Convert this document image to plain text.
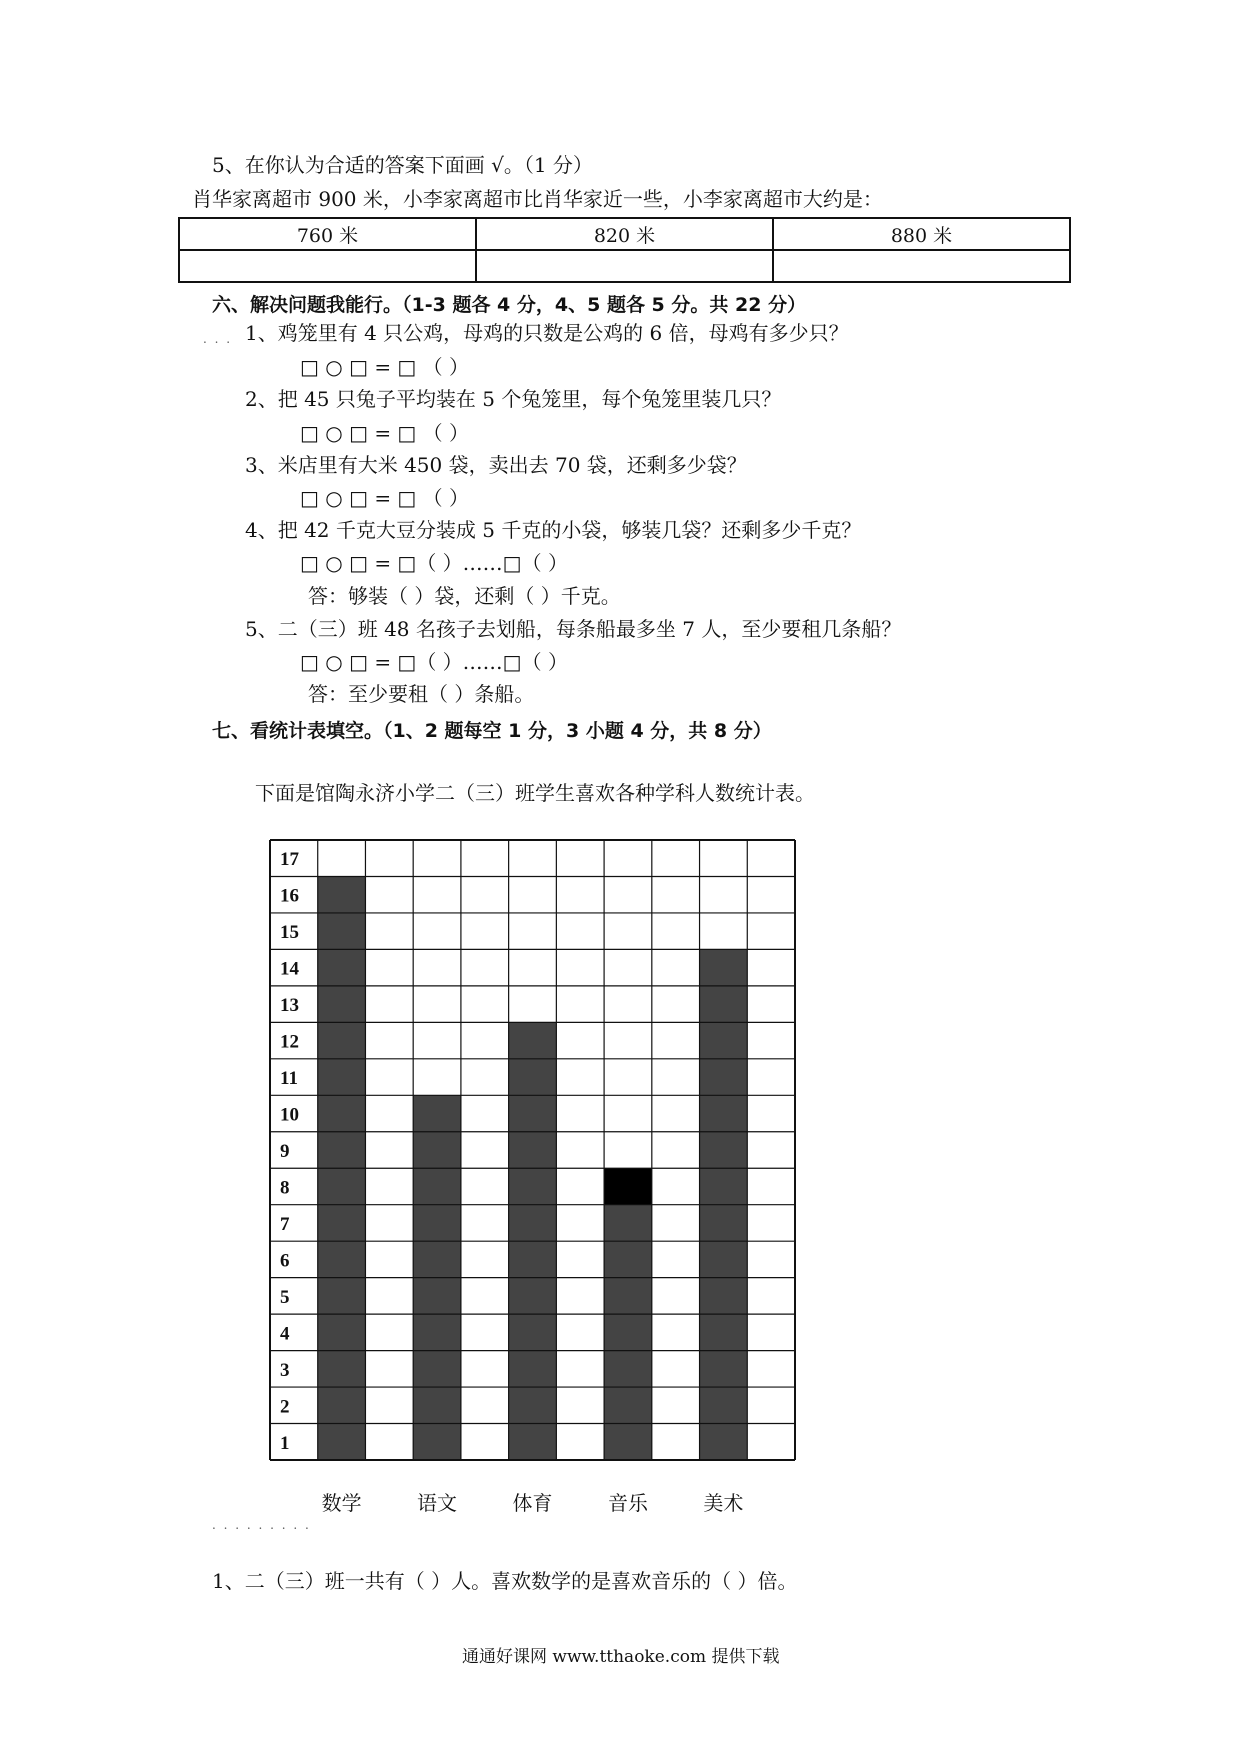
5、在你认为合适的答案下面画 √。（1 分）
肖华家离超市 900 米，小李家离超市比肖华家近一些，小李家离超市大约是：
760 米	820 米	880 米

六、解决问题我能行。（1-3 题各 4 分，4、5 题各 5 分。共 22 分）
. . . 1、鸡笼里有 4 只公鸡，母鸡的只数是公鸡的 6 倍，母鸡有多少只？
□ ○ □ = □ （ ）
2、把 45 只兔子平均装在 5 个兔笼里，每个兔笼里装几只？
□ ○ □ = □ （ ）
3、米店里有大米 450 袋，卖出去 70 袋，还剩多少袋？
□ ○ □ = □ （ ）
4、把 42 千克大豆分装成 5 千克的小袋，够装几袋？还剩多少千克？
□ ○ □ = □（ ）……□（ ）
答：够装（ ）袋，还剩（ ）千克。
5、二（三）班 48 名孩子去划船，每条船最多坐 7 人，至少要租几条船？
□ ○ □ = □（ ）……□（ ）
答：至少要租（ ）条船。
七、看统计表填空。（1、2 题每空 1 分，3 小题 4 分，共 8 分）
下面是馆陶永济小学二（三）班学生喜欢各种学科人数统计表。
1
2
3
4
5
6
7
8
9
10
11
12
13
14
15
16
17
数学	语文	体育	音乐	美术
. . . . . . . . .
1、二（三）班一共有（ ）人。喜欢数学的是喜欢音乐的（ ）倍。
通通好课网 www.tthaoke.com 提供下载
